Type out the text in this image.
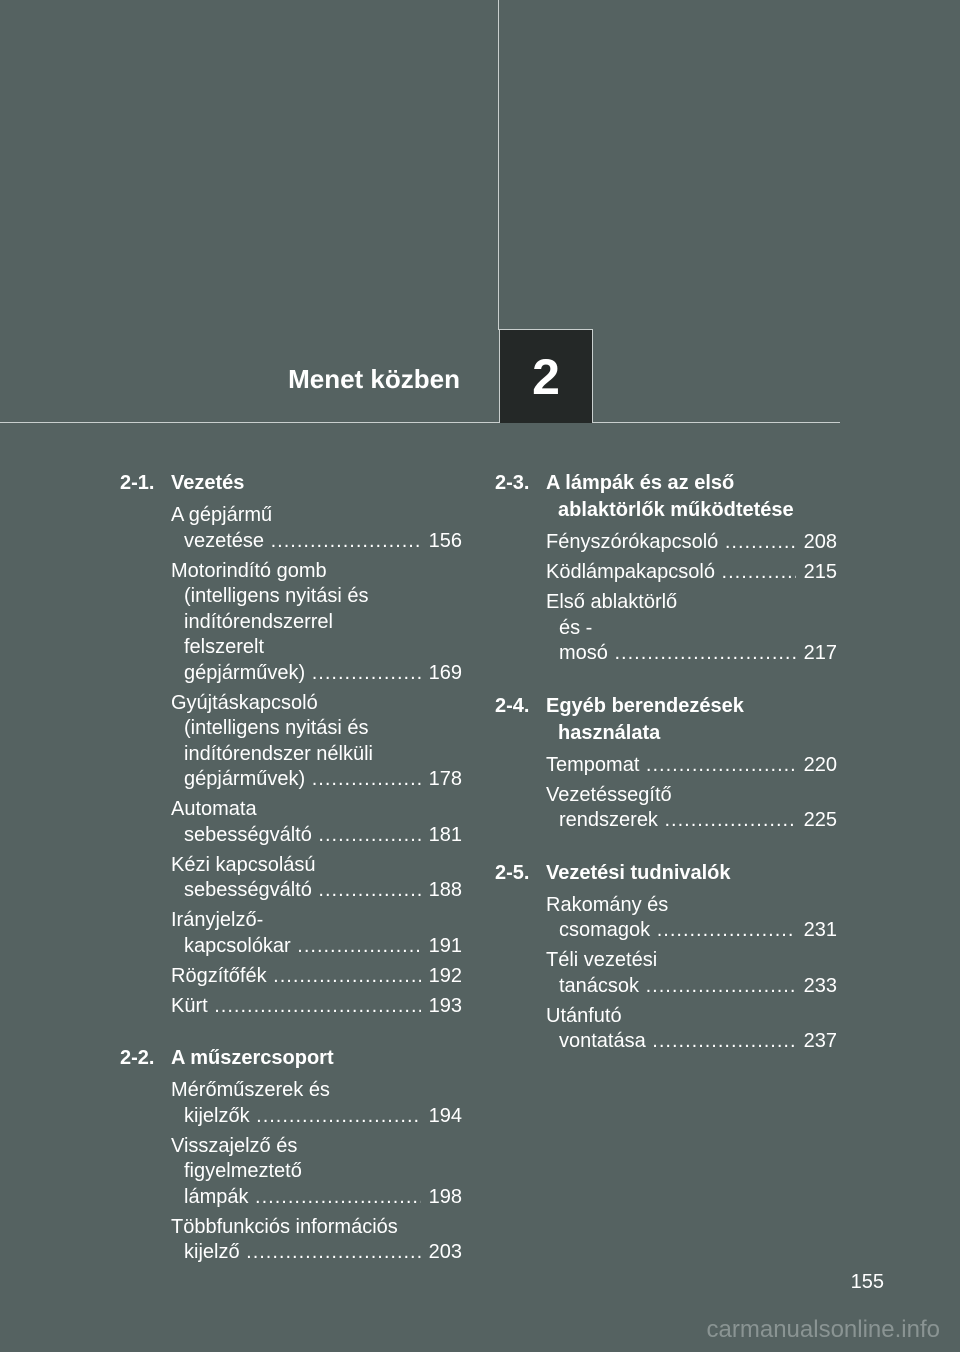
Menet közben 2
2-1. Vezetés
A gépjármű vezetése .....	156
Motorindító gomb
(intelligens nyitási és
indítórendszerrel
felszerelt gépjárművek) .....	169
Gyújtáskapcsoló
(intelligens nyitási és
indítórendszer nélküli
gépjárművek) .....	178
Automata sebességváltó .....	181
Kézi kapcsolású
sebességváltó .....	188
Irányjelző-kapcsolókar .....	191
Rögzítőfék .....	192
Kürt .....	193
2-2. A műszercsoport
Mérőműszerek és
kijelzők .....	194
Visszajelző és
figyelmeztető lámpák .....	198
Többfunkciós információs
kijelző .....	203
2-3. A lámpák és az első ablaktörlők működtetése
Fényszórókapcsoló .....	208
Ködlámpakapcsoló .....	215
Első ablaktörlő
és -mosó .....	217
2-4. Egyéb berendezések használata
Tempomat .....	220
Vezetéssegítő
rendszerek .....	225
2-5. Vezetési tudnivalók
Rakomány és
csomagok .....	231
Téli vezetési tanácsok .....	233
Utánfutó vontatása .....	237
155
carmanualsonline.info
